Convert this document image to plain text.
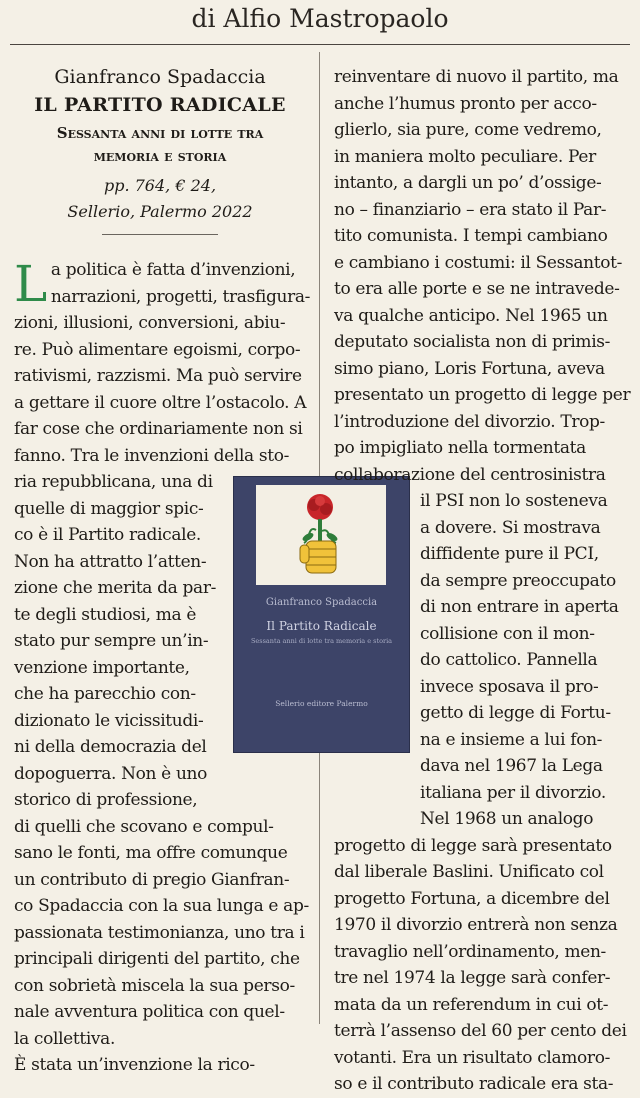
di Alfio Mastropaolo
Gianfranco Spadaccia
IL PARTITO RADICALE
Sessanta anni di lotte tra
memoria e storia
pp. 764, € 24,
Sellerio, Palermo 2022
L a politica è fatta d’invenzioni,
narrazioni, progetti, trasfigura-
zioni, illusioni, conversioni, abiu-
re. Può alimentare egoismi, corpo-
rativismi, razzismi. Ma può servire
a gettare il cuore oltre l’ostacolo. A
far cose che ordinariamente non si
fanno. Tra le invenzioni della sto-
ria repubblicana, una di
quelle di maggior spic-
co è il Partito radicale.
Non ha attratto l’atten-
zione che merita da par-
te degli studiosi, ma è
stato pur sempre un’in-
venzione importante,
che ha parecchio con-
dizionato le vicissitudi-
ni della democrazia del
dopoguerra. Non è uno
storico di professione,
di quelli che scovano e compul-
sano le fonti, ma offre comunque
un contributo di pregio Gianfran-
co Spadaccia con la sua lunga e ap-
passionata testimonianza, uno tra i
principali dirigenti del partito, che
con sobrietà miscela la sua perso-
nale avventura politica con quel-
la collettiva.
È stata un’invenzione la rico-
Gianfranco Spadaccia
Il Partito Radicale
Sessanta anni di lotte tra memoria e storia
Sellerio editore Palermo
reinventare di nuovo il partito, ma
anche l’humus pronto per acco-
glierlo, sia pure, come vedremo,
in maniera molto peculiare. Per
intanto, a dargli un po’ d’ossige-
no – finanziario – era stato il Par-
tito comunista. I tempi cambiano
e cambiano i costumi: il Sessantot-
to era alle porte e se ne intravede-
va qualche anticipo. Nel 1965 un
deputato socialista non di primis-
simo piano, Loris Fortuna, aveva
presentato un progetto di legge per
l’introduzione del divorzio. Trop-
po impigliato nella tormentata
collaborazione del centrosinistra
il PSI non lo sosteneva
a dovere. Si mostrava
diffidente pure il PCI,
da sempre preoccupato
di non entrare in aperta
collisione con il mon-
do cattolico. Pannella
invece sposava il pro-
getto di legge di Fortu-
na e insieme a lui fon-
dava nel 1967 la Lega
italiana per il divorzio.
Nel 1968 un analogo
progetto di legge sarà presentato
dal liberale Baslini. Unificato col
progetto Fortuna, a dicembre del
1970 il divorzio entrerà non senza
travaglio nell’ordinamento, men-
tre nel 1974 la legge sarà confer-
mata da un referendum in cui ot-
terrà l’assenso del 60 per cento dei
votanti. Era un risultato clamoro-
so e il contributo radicale era sta-
